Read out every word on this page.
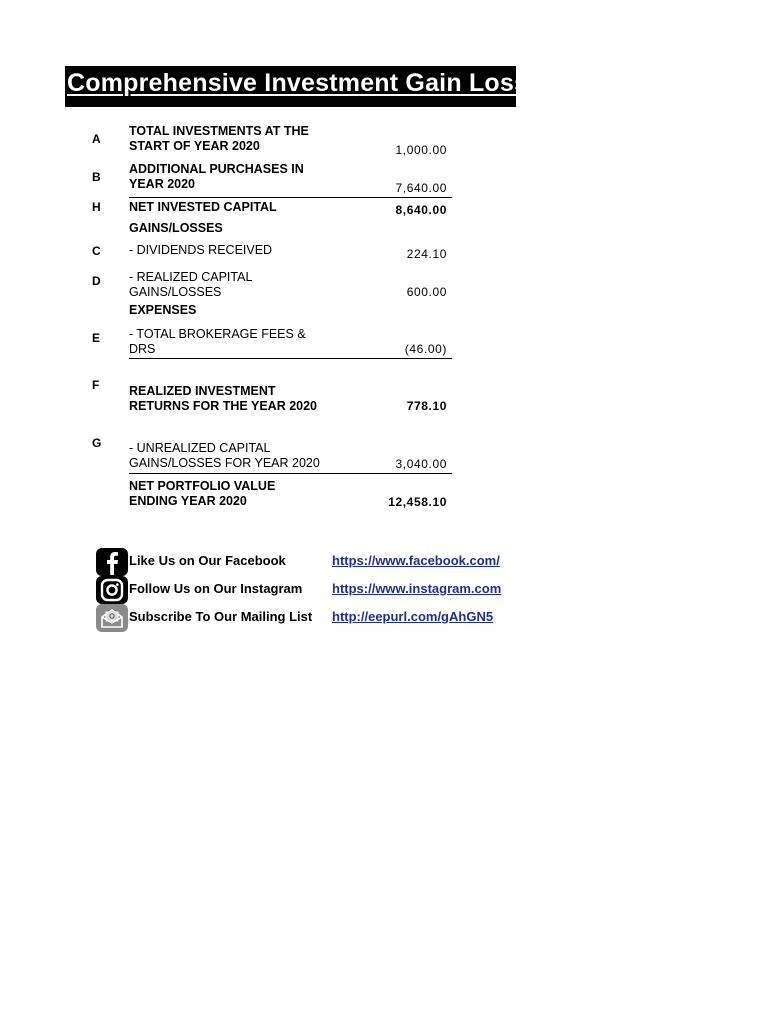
Comprehensive Investment Gain Loss Statement
A
TOTAL INVESTMENTS AT THE START OF YEAR 2020	1,000.00
B
ADDITIONAL PURCHASES IN YEAR 2020	7,640.00
H NET INVESTED CAPITAL	8,640.00
GAINS/LOSSES
C - DIVIDENDS RECEIVED	224.10
D - REALIZED CAPITAL GAINS/LOSSES	600.00
EXPENSES
E - TOTAL BROKERAGE FEES & DRS	(46.00)
F REALIZED INVESTMENT RETURNS FOR THE YEAR 2020	778.10
G - UNREALIZED CAPITAL GAINS/LOSSES FOR YEAR 2020	3,040.00
NET PORTFOLIO VALUE ENDING YEAR 2020	12,458.10
Like Us on Our Facebook	https://www.facebook.com/
Follow Us on Our Instagram https://www.instagram.com
Subscribe To Our Mailing List http://eepurl.com/gAhGN5
